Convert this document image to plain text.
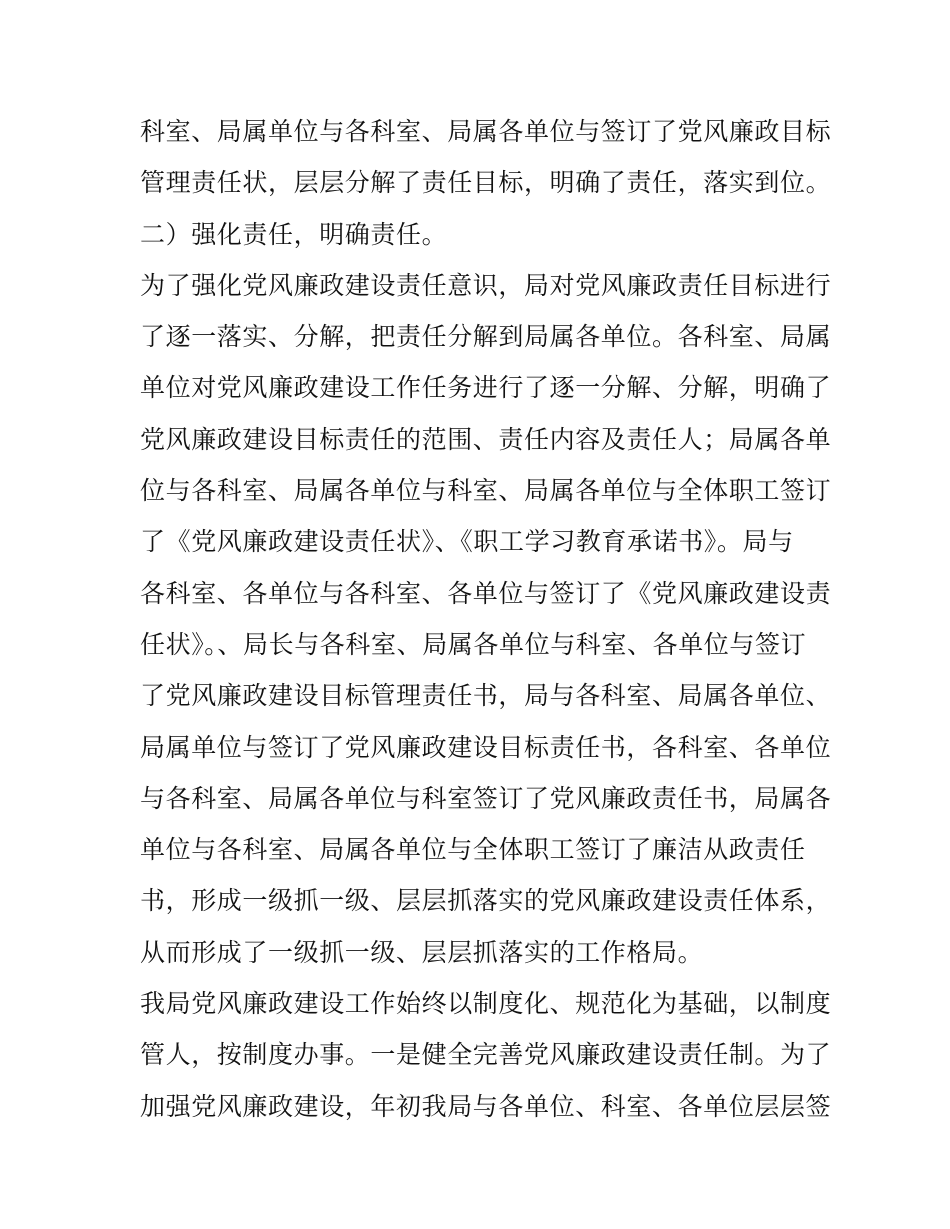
科室、局属单位与各科室、局属各单位与签订了党风廉政目标
管理责任状，层层分解了责任目标，明确了责任，落实到位。
二）强化责任，明确责任。
为了强化党风廉政建设责任意识，局对党风廉政责任目标进行
了逐一落实、分解，把责任分解到局属各单位。各科室、局属
单位对党风廉政建设工作任务进行了逐一分解、分解，明确了
党风廉政建设目标责任的范围、责任内容及责任人；局属各单
位与各科室、局属各单位与科室、局属各单位与全体职工签订
了《党风廉政建设责任状》、《职工学习教育承诺书》。局与
各科室、各单位与各科室、各单位与签订了《党风廉政建设责
任状》。、局长与各科室、局属各单位与科室、各单位与签订
了党风廉政建设目标管理责任书，局与各科室、局属各单位、
局属单位与签订了党风廉政建设目标责任书，各科室、各单位
与各科室、局属各单位与科室签订了党风廉政责任书，局属各
单位与各科室、局属各单位与全体职工签订了廉洁从政责任
书，形成一级抓一级、层层抓落实的党风廉政建设责任体系，
从而形成了一级抓一级、层层抓落实的工作格局。
我局党风廉政建设工作始终以制度化、规范化为基础，以制度
管人，按制度办事。一是健全完善党风廉政建设责任制。为了
加强党风廉政建设，年初我局与各单位、科室、各单位层层签
